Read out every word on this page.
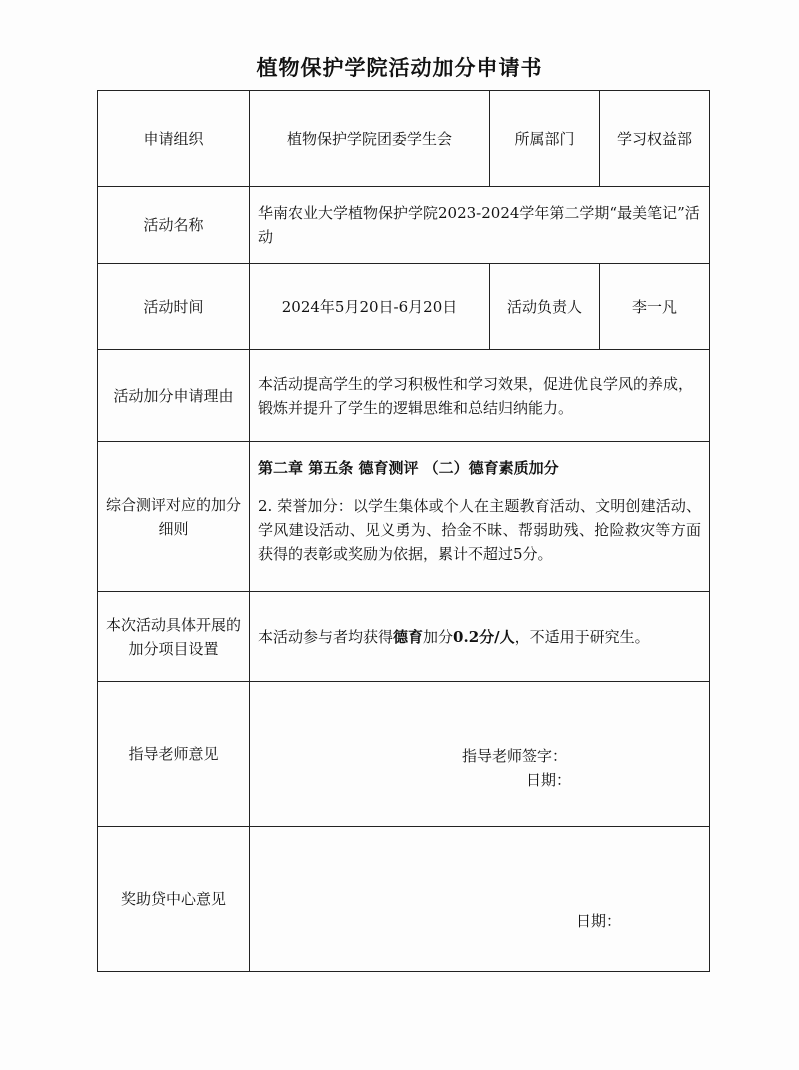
植物保护学院活动加分申请书
申请组织	植物保护学院团委学生会	所属部门	学习权益部
活动名称	华南农业大学植物保护学院2023-2024学年第二学期“最美笔记”活动		
活动时间	2024年5月20日-6月20日	活动负责人	李一凡
活动加分申请理由	本活动提高学生的学习积极性和学习效果，促进优良学风的养成，锻炼并提升了学生的逻辑思维和总结归纳能力。		
综合测评对应的加分细则	第二章 第五条 德育测评 （二）德育素质加分
2. 荣誉加分：以学生集体或个人在主题教育活动、文明创建活动、学风建设活动、见义勇为、拾金不昧、帮弱助残、抢险救灾等方面获得的表彰或奖励为依据，累计不超过5分。		

本次活动具体开展的加分项目设置	本活动参与者均获得德育加分0.2分/人，不适用于研究生。		
指导老师意见	指导老师签字：
日期：		

奖助贷中心意见	日期：		
